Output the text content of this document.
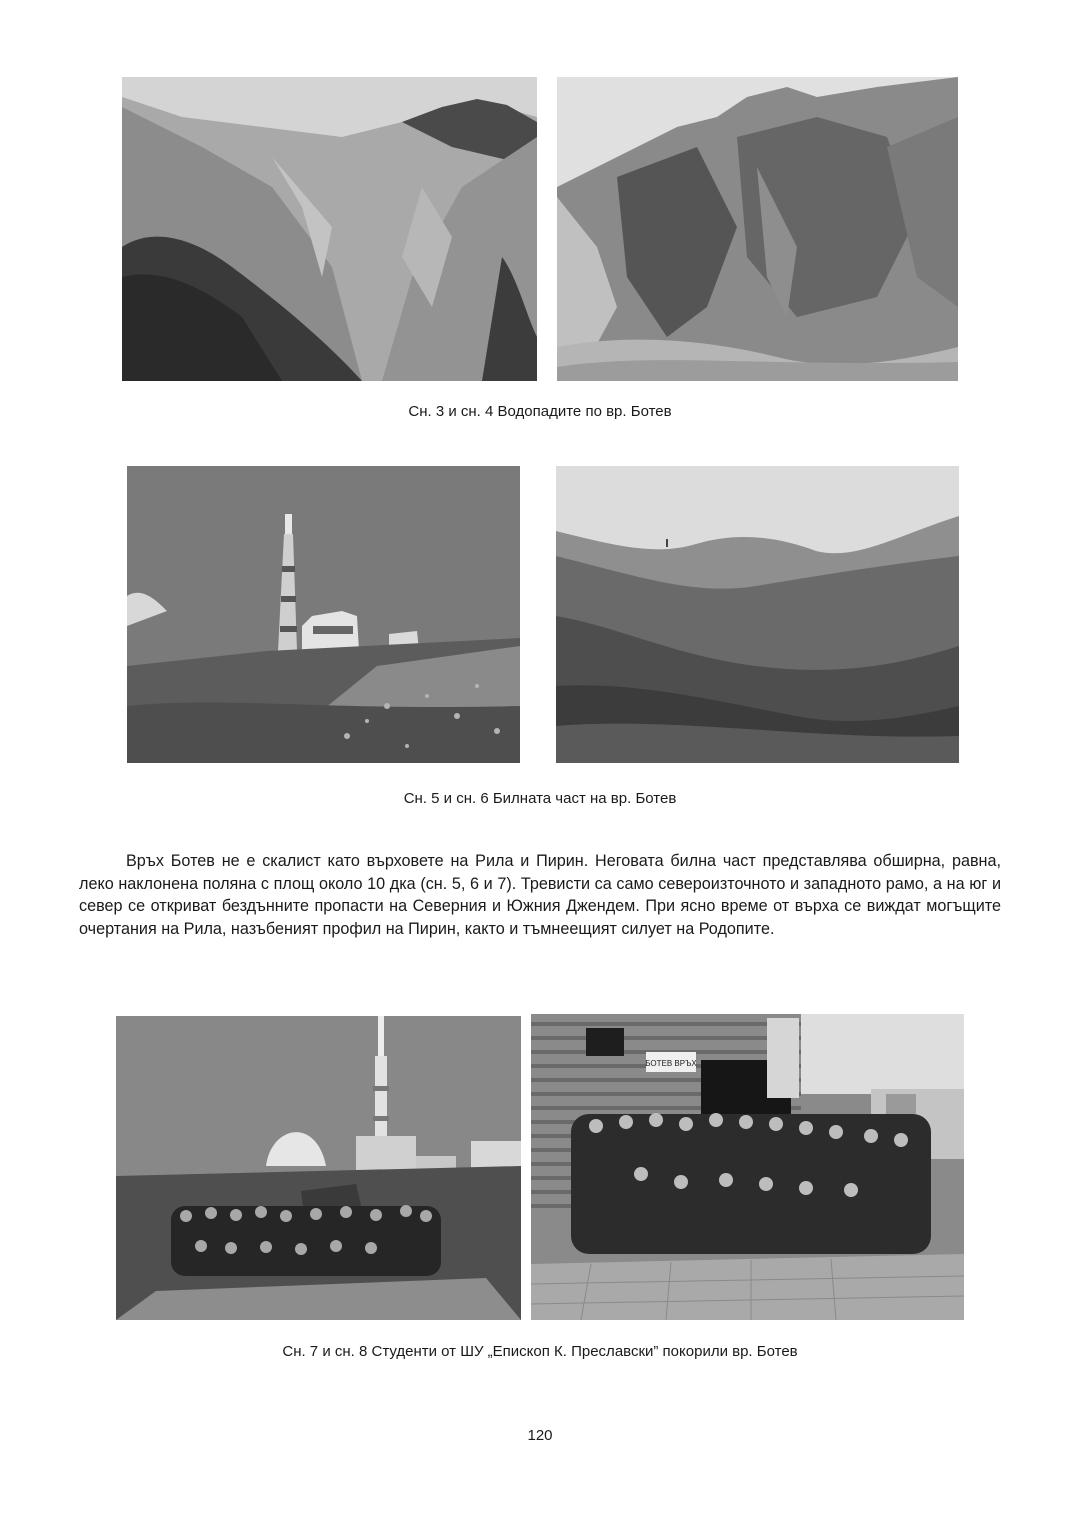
Сн. 3 и сн. 4 Водопадите по вр. Ботев
Сн. 5 и сн. 6 Билната част на вр. Ботев

Връх Ботев не е скалист като върховете на Рила и Пирин. Неговата билна част представлява обширна, равна, леко наклонена поляна с площ около 10 дка (сн. 5, 6 и 7). Тревисти са само североизточното и западното рамо, а на юг и север се откриват бездънните пропасти на Северния и Южния Джендем. При ясно време от върха се виждат могъщите очертания на Рила, назъбеният профил на Пирин, както и тъмнеещият силует на Родопите.

БОТЕВ ВРЪХ
Сн. 7 и сн. 8 Студенти от ШУ „Епископ К. Преславски” покорили вр. Ботев
120
